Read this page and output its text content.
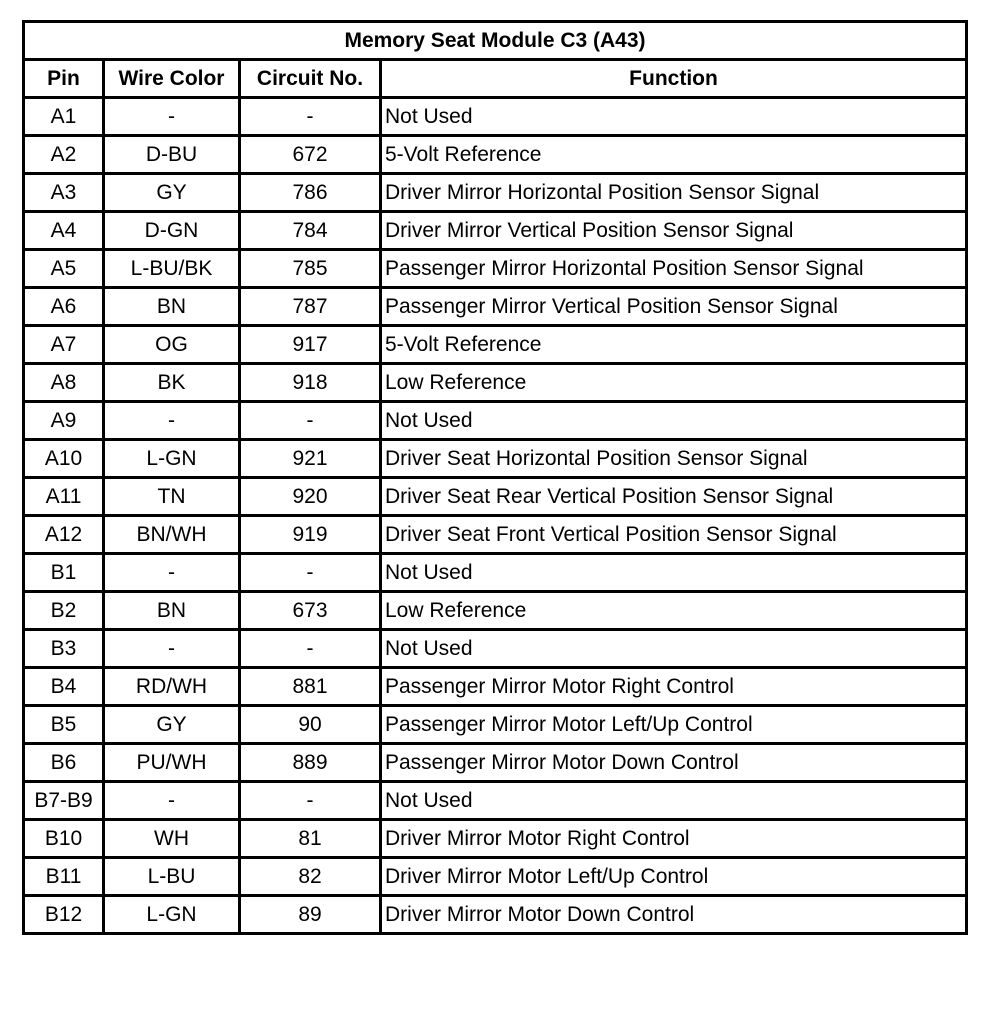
Memory Seat Module C3 (A43)			
Pin	Wire Color	Circuit No.	Function
A1	-	-	Not Used
A2	D-BU	672	5-Volt Reference
A3	GY	786	Driver Mirror Horizontal Position Sensor Signal
A4	D-GN	784	Driver Mirror Vertical Position Sensor Signal
A5	L-BU/BK	785	Passenger Mirror Horizontal Position Sensor Signal
A6	BN	787	Passenger Mirror Vertical Position Sensor Signal
A7	OG	917	5-Volt Reference
A8	BK	918	Low Reference
A9	-	-	Not Used
A10	L-GN	921	Driver Seat Horizontal Position Sensor Signal
A11	TN	920	Driver Seat Rear Vertical Position Sensor Signal
A12	BN/WH	919	Driver Seat Front Vertical Position Sensor Signal
B1	-	-	Not Used
B2	BN	673	Low Reference
B3	-	-	Not Used
B4	RD/WH	881	Passenger Mirror Motor Right Control
B5	GY	90	Passenger Mirror Motor Left/Up Control
B6	PU/WH	889	Passenger Mirror Motor Down Control
B7-B9	-	-	Not Used
B10	WH	81	Driver Mirror Motor Right Control
B11	L-BU	82	Driver Mirror Motor Left/Up Control
B12	L-GN	89	Driver Mirror Motor Down Control
